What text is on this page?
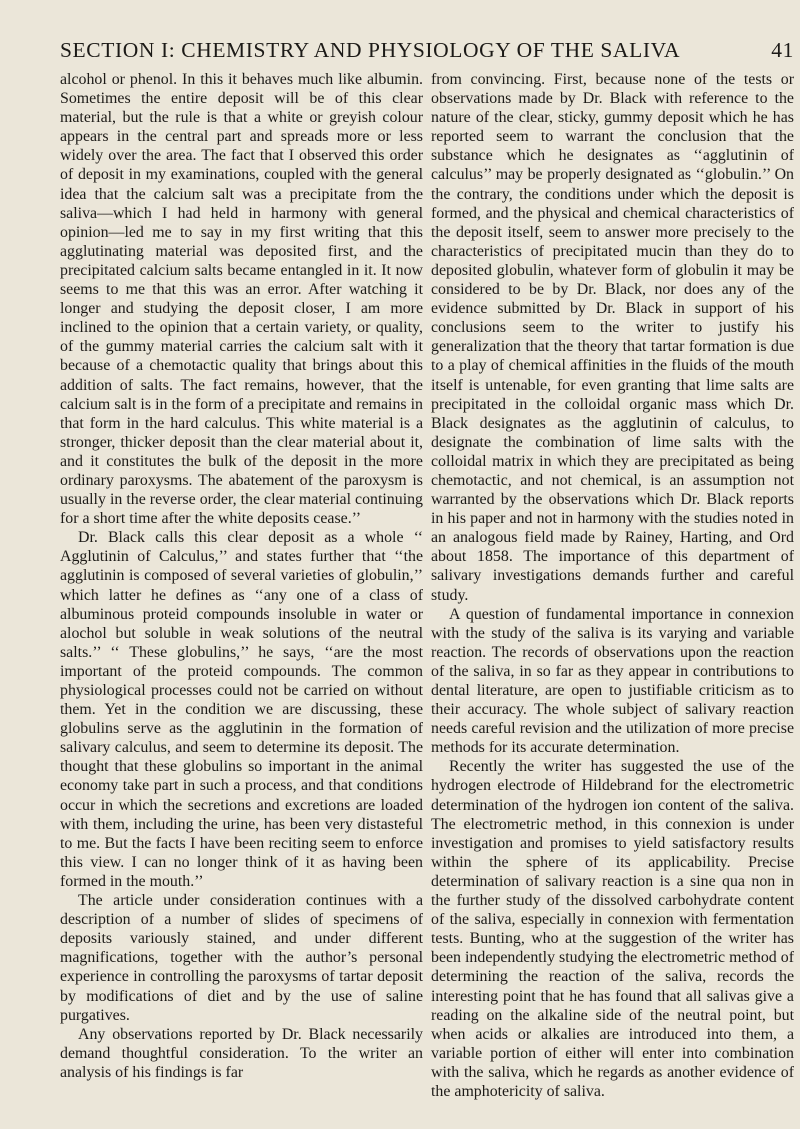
SECTION I: CHEMISTRY AND PHYSIOLOGY OF THE SALIVA	41

alcohol or phenol. In this it behaves much like albumin. Sometimes the entire deposit will be of this clear material, but the rule is that a white or greyish colour appears in the central part and spreads more or less widely over the area. The fact that I observed this order of deposit in my examinations, coupled with the general idea that the calcium salt was a precipitate from the saliva—which I had held in harmony with general opinion—led me to say in my first writing that this agglutinating material was deposited first, and the precipitated calcium salts became entangled in it. It now seems to me that this was an error. After watching it longer and studying the deposit closer, I am more inclined to the opinion that a certain variety, or quality, of the gummy material carries the calcium salt with it because of a chemotactic quality that brings about this addition of salts. The fact remains, however, that the calcium salt is in the form of a precipitate and remains in that form in the hard calculus. This white material is a stronger, thicker deposit than the clear material about it, and it constitutes the bulk of the deposit in the more ordinary paroxysms. The abatement of the paroxysm is usually in the reverse order, the clear material continuing for a short time after the white deposits cease.’’

Dr. Black calls this clear deposit as a whole ‘‘ Agglutinin of Calculus,’’ and states further that ‘‘the agglutinin is composed of several varieties of globulin,’’ which latter he defines as ‘‘any one of a class of albuminous proteid compounds insoluble in water or alochol but soluble in weak solutions of the neutral salts.’’ ‘‘ These globulins,’’ he says, ‘‘are the most important of the proteid compounds. The common physiological processes could not be carried on without them. Yet in the condition we are discussing, these globulins serve as the agglutinin in the formation of salivary calculus, and seem to determine its deposit. The thought that these globulins so important in the animal economy take part in such a process, and that conditions occur in which the secretions and excretions are loaded with them, including the urine, has been very distasteful to me. But the facts I have been reciting seem to enforce this view. I can no longer think of it as having been formed in the mouth.’’

The article under consideration continues with a description of a number of slides of specimens of deposits variously stained, and under different magnifications, together with the author’s personal experience in controlling the paroxysms of tartar deposit by modifications of diet and by the use of saline purgatives.

Any observations reported by Dr. Black necessarily demand thoughtful consideration. To the writer an analysis of his findings is far

from convincing. First, because none of the tests or observations made by Dr. Black with reference to the nature of the clear, sticky, gummy deposit which he has reported seem to warrant the conclusion that the substance which he designates as ‘‘agglutinin of calculus’’ may be properly designated as ‘‘globulin.’’ On the contrary, the conditions under which the deposit is formed, and the physical and chemical characteristics of the deposit itself, seem to answer more precisely to the characteristics of precipitated mucin than they do to deposited globulin, whatever form of globulin it may be considered to be by Dr. Black, nor does any of the evidence submitted by Dr. Black in support of his conclusions seem to the writer to justify his generalization that the theory that tartar formation is due to a play of chemical affinities in the fluids of the mouth itself is untenable, for even granting that lime salts are precipitated in the colloidal organic mass which Dr. Black designates as the agglutinin of calculus, to designate the combination of lime salts with the colloidal matrix in which they are precipitated as being chemotactic, and not chemical, is an assumption not warranted by the observations which Dr. Black reports in his paper and not in harmony with the studies noted in an analogous field made by Rainey, Harting, and Ord about 1858. The importance of this department of salivary investigations demands further and careful study.

A question of fundamental importance in connexion with the study of the saliva is its varying and variable reaction. The records of observations upon the reaction of the saliva, in so far as they appear in contributions to dental literature, are open to justifiable criticism as to their accuracy. The whole subject of salivary reaction needs careful revision and the utilization of more precise methods for its accurate determination.

Recently the writer has suggested the use of the hydrogen electrode of Hildebrand for the electrometric determination of the hydrogen ion content of the saliva. The electrometric method, in this connexion is under investigation and promises to yield satisfactory results within the sphere of its applicability. Precise determination of salivary reaction is a sine qua non in the further study of the dissolved carbohydrate content of the saliva, especially in connexion with fermentation tests. Bunting, who at the suggestion of the writer has been independently studying the electrometric method of determining the reaction of the saliva, records the interesting point that he has found that all salivas give a reading on the alkaline side of the neutral point, but when acids or alkalies are introduced into them, a variable portion of either will enter into combination with the saliva, which he regards as another evidence of the amphotericity of saliva.
